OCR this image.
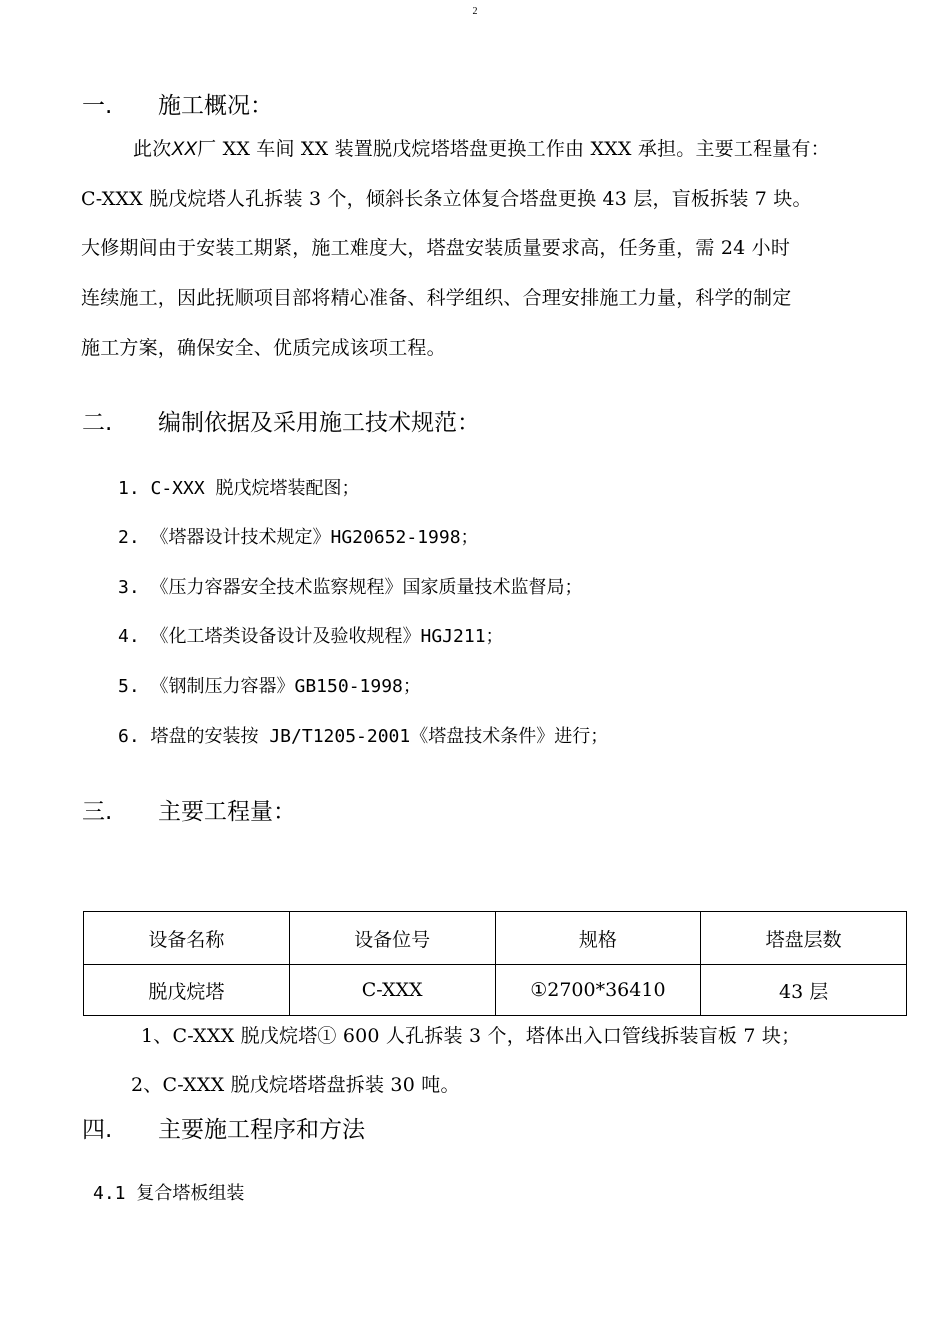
2
一. 施工概况：
此次XX厂 XX 车间 XX 装置脱戊烷塔塔盘更换工作由 XXX 承担。主要工程量有：
C-XXX 脱戊烷塔人孔拆装 3 个，倾斜长条立体复合塔盘更换 43 层，盲板拆装 7 块。
大修期间由于安装工期紧，施工难度大，塔盘安装质量要求高，任务重，需 24 小时
连续施工，因此抚顺项目部将精心准备、科学组织、合理安排施工力量，科学的制定
施工方案，确保安全、优质完成该项工程。
二. 编制依据及采用施工技术规范：
1. C-XXX 脱戊烷塔装配图；
2. 《塔器设计技术规定》HG20652-1998；
3. 《压力容器安全技术监察规程》国家质量技术监督局；
4. 《化工塔类设备设计及验收规程》HGJ211；
5. 《钢制压力容器》GB150-1998；
6. 塔盘的安装按 JB/T1205-2001《塔盘技术条件》进行；
三. 主要工程量：
设备名称	设备位号	规格	塔盘层数
脱戊烷塔	C-XXX	①2700*36410	43 层
1、C-XXX 脱戊烷塔① 600 人孔拆装 3 个，塔体出入口管线拆装盲板 7 块；
2、C-XXX 脱戊烷塔塔盘拆装 30 吨。
四. 主要施工程序和方法
4.1 复合塔板组装
